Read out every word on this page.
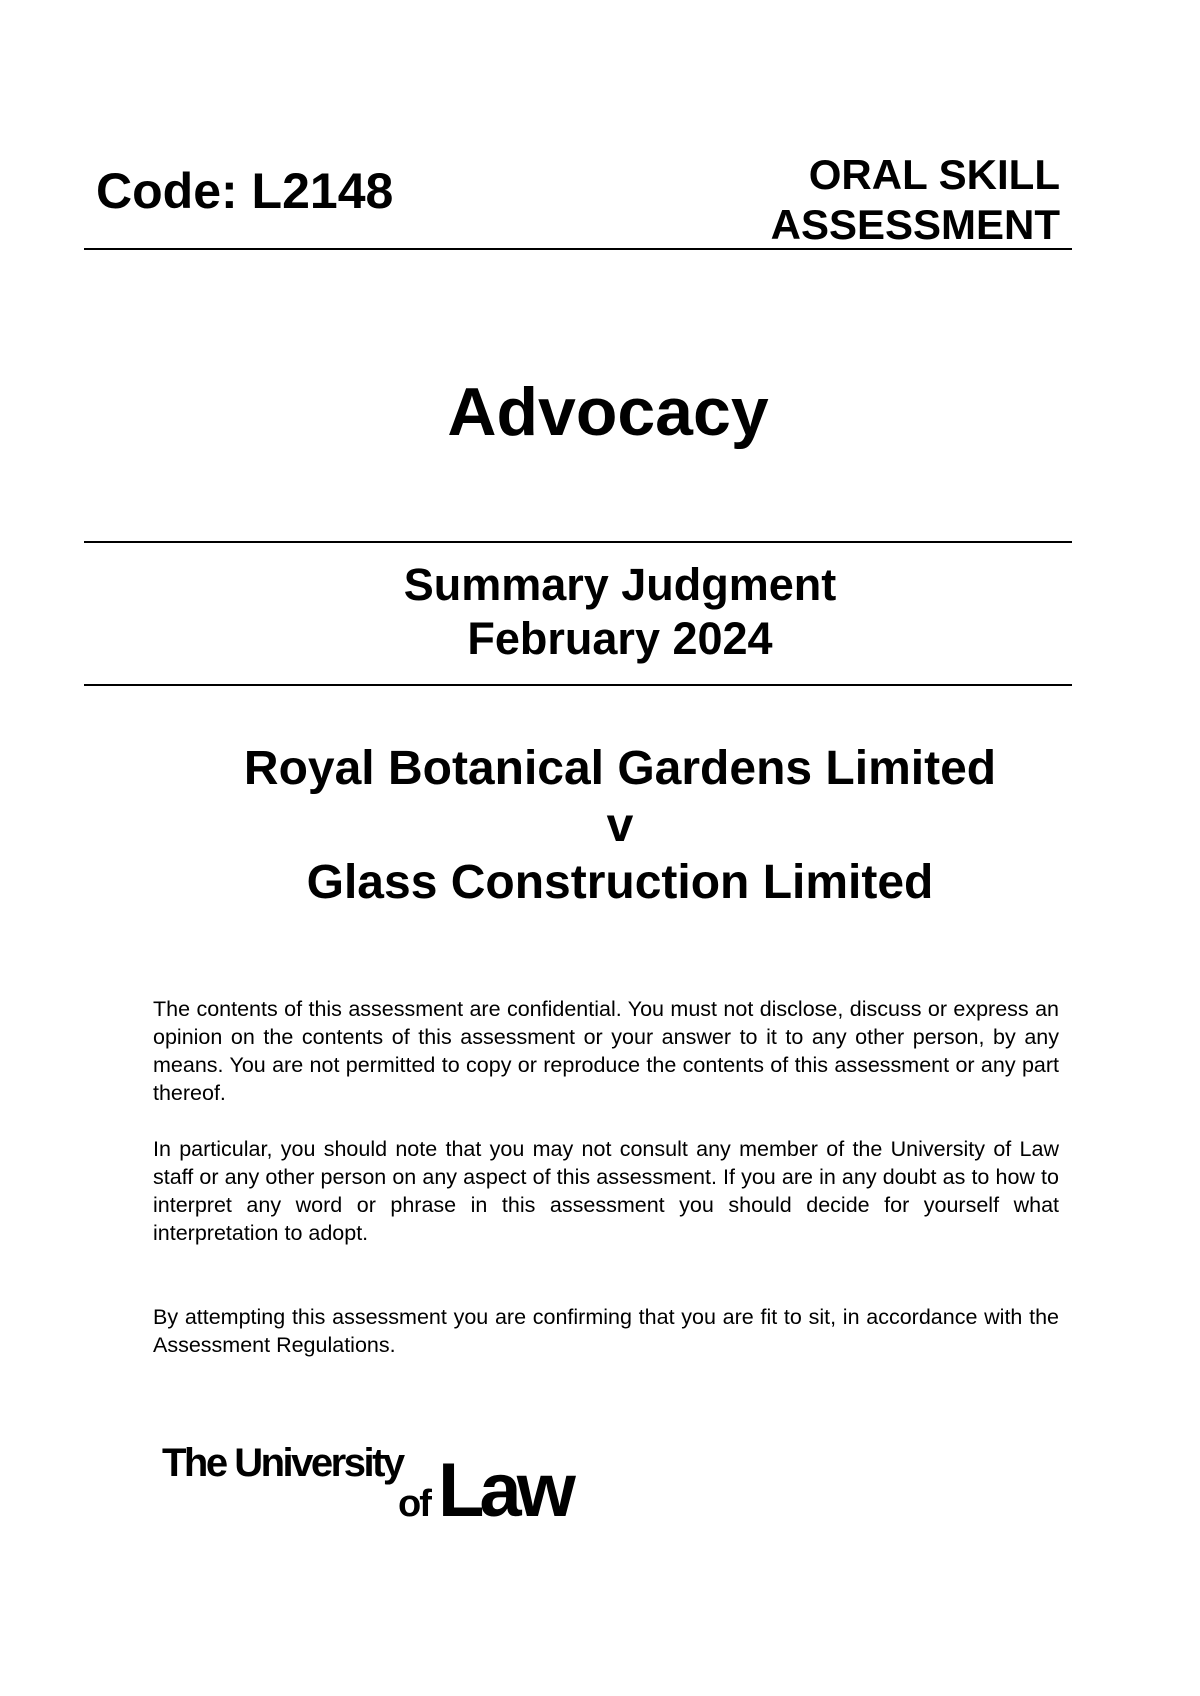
Code: L2148	ORAL SKILL
ASSESSMENT
Advocacy
Summary Judgment
February 2024
Royal Botanical Gardens Limited
v
Glass Construction Limited

The contents of this assessment are confidential. You must not disclose, discuss or express an opinion on the contents of this assessment or your answer to it to any other person, by any means. You are not permitted to copy or reproduce the contents of this assessment or any part thereof.

In particular, you should note that you may not consult any member of the University of Law staff or any other person on any aspect of this assessment. If you are in any doubt as to how to interpret any word or phrase in this assessment you should decide for yourself what interpretation to adopt.

By attempting this assessment you are confirming that you are fit to sit, in accordance with the Assessment Regulations.

The University
of Law
